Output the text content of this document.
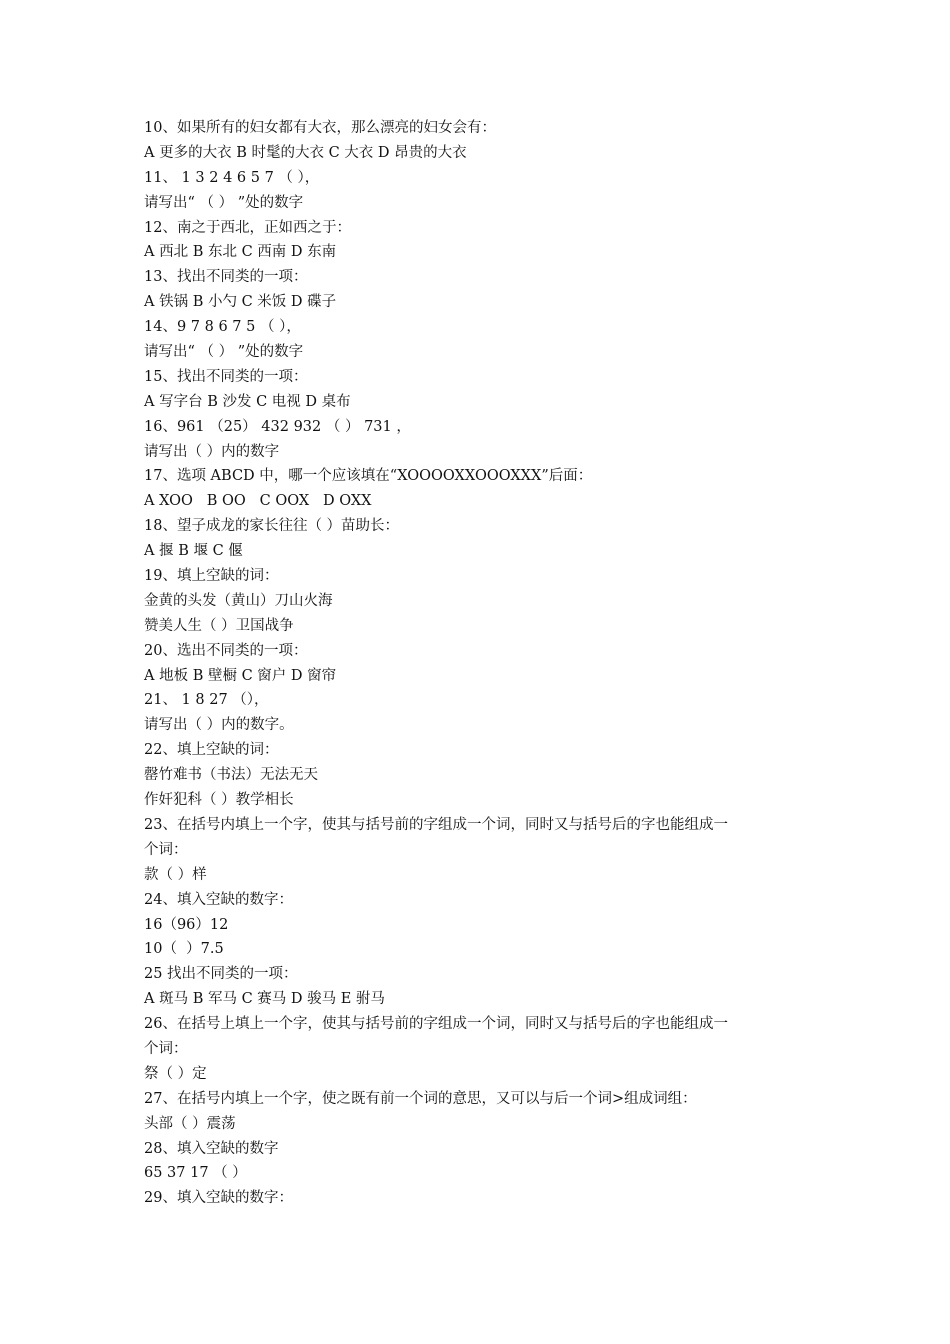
10、如果所有的妇女都有大衣，那么漂亮的妇女会有：
A 更多的大衣 B 时髦的大衣 C 大衣 D 昂贵的大衣
11、 1 3 2 4 6 5 7 （ ），
请写出“ （ ） ”处的数字
12、南之于西北，正如西之于：
A 西北 B 东北 C 西南 D 东南
13、找出不同类的一项：
A 铁锅 B 小勺 C 米饭 D 碟子
14、9 7 8 6 7 5 （ ），
请写出“ （ ） ”处的数字
15、找出不同类的一项：
A 写字台 B 沙发 C 电视 D 桌布
16、961 （25） 432 932 （ ） 731 ，
请写出（ ）内的数字
17、选项 ABCD 中，哪一个应该填在“XOOOOXXOOOXXX”后面：
A XOO   B OO   C OOX   D OXX
18、望子成龙的家长往往（ ）苗助长：
A 揠 B 堰 C 偃
19、填上空缺的词：
金黄的头发（黄山）刀山火海
赞美人生（ ）卫国战争
20、选出不同类的一项：
A 地板 B 壁橱 C 窗户 D 窗帘
21、 1 8 27 （），
请写出（ ）内的数字。
22、填上空缺的词：
罄竹难书（书法）无法无天
作奸犯科（ ）教学相长
23、在括号内填上一个字，使其与括号前的字组成一个词，同时又与括号后的字也能组成一
个词：
款（ ）样
24、填入空缺的数字：
16（96）12
10（  ）7.5
25 找出不同类的一项：
A 斑马 B 军马 C 赛马 D 骏马 E 驸马
26、在括号上填上一个字，使其与括号前的字组成一个词，同时又与括号后的字也能组成一
个词：
祭（ ）定
27、在括号内填上一个字，使之既有前一个词的意思，又可以与后一个词>组成词组：
头部（ ）震荡
28、填入空缺的数字
65 37 17 （ ）
29、填入空缺的数字：
